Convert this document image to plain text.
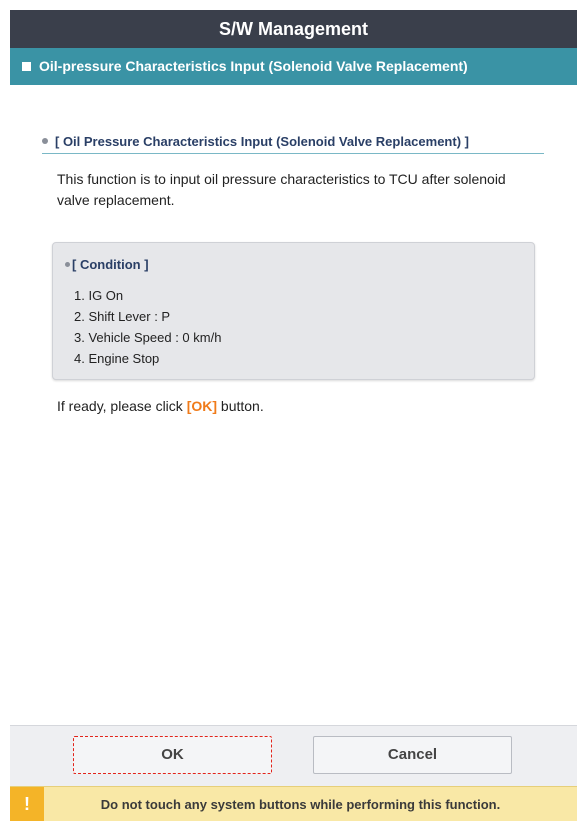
S/W Management
Oil-pressure Characteristics Input (Solenoid Valve Replacement)
[ Oil Pressure Characteristics Input (Solenoid Valve Replacement) ]
This function is to input oil pressure characteristics to TCU after solenoid valve replacement.
[ Condition ]
1. IG On
2. Shift Lever : P
3. Vehicle Speed : 0 km/h
4. Engine Stop
If ready, please click [OK] button.
OK	Cancel
!	Do not touch any system buttons while performing this function.
